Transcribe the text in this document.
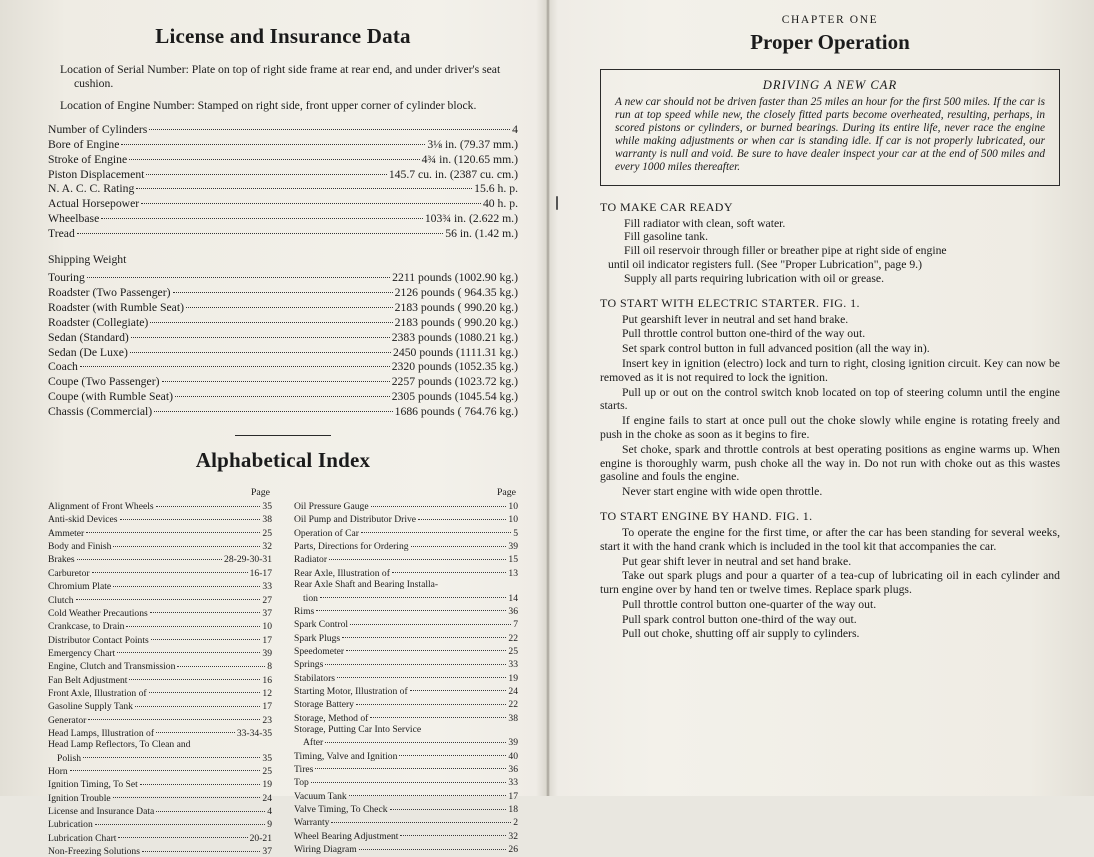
License and Insurance Data
Location of Serial Number: Plate on top of right side frame at rear end, and under driver's seat cushion.
Location of Engine Number: Stamped on right side, front upper corner of cylinder block.
Number of Cylinders	4
Bore of Engine	3⅛ in. (79.37 mm.)
Stroke of Engine	4¾ in. (120.65 mm.)
Piston Displacement	145.7 cu. in. (2387 cu. cm.)
N. A. C. C. Rating	15.6 h. p.
Actual Horsepower	40 h. p.
Wheelbase	103¾ in. (2.622 m.)
Tread	56 in. (1.42 m.)
Shipping Weight
Touring	2211 pounds (1002.90 kg.)
Roadster (Two Passenger)	2126 pounds ( 964.35 kg.)
Roadster (with Rumble Seat)	2183 pounds ( 990.20 kg.)
Roadster (Collegiate)	2183 pounds ( 990.20 kg.)
Sedan (Standard)	2383 pounds (1080.21 kg.)
Sedan (De Luxe)	2450 pounds (1111.31 kg.)
Coach	2320 pounds (1052.35 kg.)
Coupe (Two Passenger)	2257 pounds (1023.72 kg.)
Coupe (with Rumble Seat)	2305 pounds (1045.54 kg.)
Chassis (Commercial)	1686 pounds ( 764.76 kg.)
Alphabetical Index
Page
Alignment of Front Wheels	35
Anti-skid Devices	38
Ammeter	25
Body and Finish	32
Brakes	28-29-30-31
Carburetor	16-17
Chromium Plate	33
Clutch	27
Cold Weather Precautions	37
Crankcase, to Drain	10
Distributor Contact Points	17
Emergency Chart	39
Engine, Clutch and Transmission	8
Fan Belt Adjustment	16
Front Axle, Illustration of	12
Gasoline Supply Tank	17
Generator	23
Head Lamps, Illustration of	33-34-35
Head Lamp Reflectors, To Clean and
Polish	35
Horn	25
Ignition Timing, To Set	19
Ignition Trouble	24
License and Insurance Data	4
Lubrication	9
Lubrication Chart	20-21
Non-Freezing Solutions	37
Page
Oil Pressure Gauge	10
Oil Pump and Distributor Drive	10
Operation of Car	5
Parts, Directions for Ordering	39
Radiator	15
Rear Axle, Illustration of	13
Rear Axle Shaft and Bearing Installa-
tion	14
Rims	36
Spark Control	7
Spark Plugs	22
Speedometer	25
Springs	33
Stabilators	19
Starting Motor, Illustration of	24
Storage Battery	22
Storage, Method of	38
Storage, Putting Car Into Service
After	39
Timing, Valve and Ignition	40
Tires	36
Top	33
Vacuum Tank	17
Valve Timing, To Check	18
Warranty	2
Wheel Bearing Adjustment	32
Wiring Diagram	26
CHAPTER ONE
Proper Operation
DRIVING A NEW CAR
A new car should not be driven faster than 25 miles an hour for the first 500 miles. If the car is run at top speed while new, the closely fitted parts become overheated, resulting, perhaps, in scored pistons or cylinders, or burned bearings. During its entire life, never race the engine while making adjustments or when car is standing idle. If car is not properly lubricated, our warranty is null and void. Be sure to have dealer inspect your car at the end of 500 miles and every 1000 miles thereafter.
TO MAKE CAR READY
Fill radiator with clean, soft water.
Fill gasoline tank.
Fill oil reservoir through filler or breather pipe at right side of engine
until oil indicator registers full. (See "Proper Lubrication", page 9.)
Supply all parts requiring lubrication with oil or grease.
TO START WITH ELECTRIC STARTER. FIG. 1.
Put gearshift lever in neutral and set hand brake.
Pull throttle control button one-third of the way out.
Set spark control button in full advanced position (all the way in).
Insert key in ignition (electro) lock and turn to right, closing ignition circuit. Key can now be removed as it is not required to lock the ignition.
Pull up or out on the control switch knob located on top of steering column until the engine starts.
If engine fails to start at once pull out the choke slowly while engine is rotating freely and push in the choke as soon as it begins to fire.
Set choke, spark and throttle controls at best operating positions as engine warms up. When engine is thoroughly warm, push choke all the way in. Do not run with choke out as this wastes gasoline and fouls the engine.
Never start engine with wide open throttle.
TO START ENGINE BY HAND. FIG. 1.
To operate the engine for the first time, or after the car has been standing for several weeks, start it with the hand crank which is included in the tool kit that accompanies the car.
Put gear shift lever in neutral and set hand brake.
Take out spark plugs and pour a quarter of a tea-cup of lubricating oil in each cylinder and turn engine over by hand ten or twelve times. Replace spark plugs.
Pull throttle control button one-quarter of the way out.
Pull spark control button one-third of the way out.
Pull out choke, shutting off air supply to cylinders.
